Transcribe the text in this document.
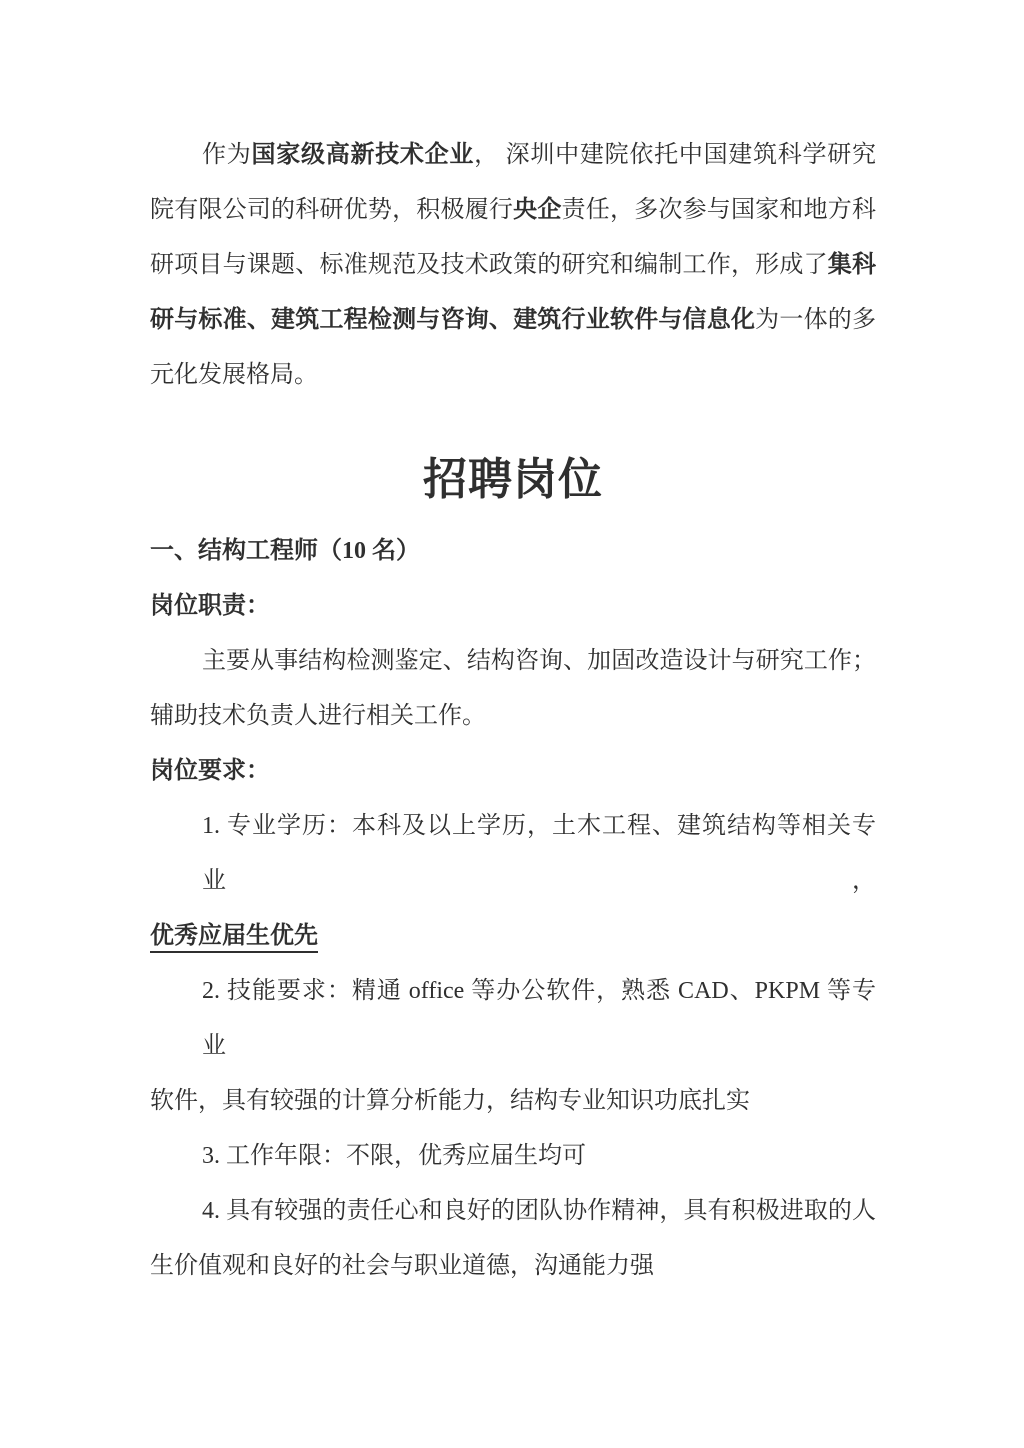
作为国家级高新技术企业， 深圳中建院依托中国建筑科学研究
院有限公司的科研优势，积极履行央企责任，多次参与国家和地方科
研项目与课题、标准规范及技术政策的研究和编制工作，形成了集科
研与标准、建筑工程检测与咨询、建筑行业软件与信息化为一体的多
元化发展格局。
招聘岗位
一、结构工程师（10 名）
岗位职责：
主要从事结构检测鉴定、结构咨询、加固改造设计与研究工作；
辅助技术负责人进行相关工作。
岗位要求：
1. 专业学历：本科及以上学历，土木工程、建筑结构等相关专业，
优秀应届生优先
2. 技能要求：精通 office 等办公软件，熟悉 CAD、PKPM 等专业
软件，具有较强的计算分析能力，结构专业知识功底扎实
3. 工作年限：不限，优秀应届生均可
4. 具有较强的责任心和良好的团队协作精神，具有积极进取的人
生价值观和良好的社会与职业道德，沟通能力强
